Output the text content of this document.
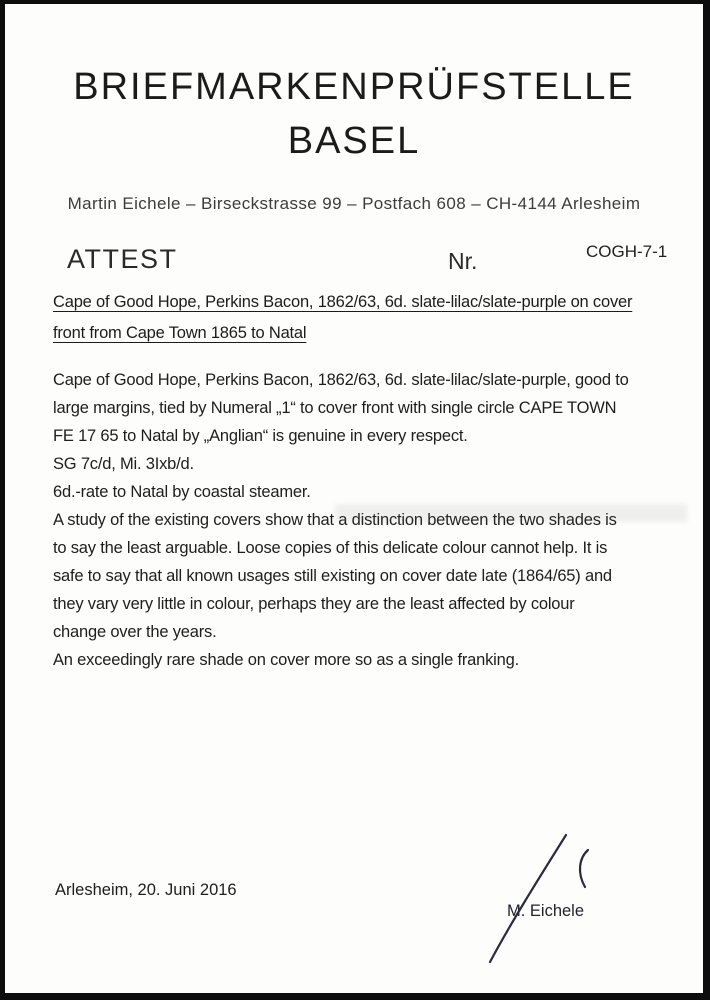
BRIEFMARKENPRÜFSTELLE
BASEL
Martin Eichele – Birseckstrasse 99 – Postfach 608 – CH-4144 Arlesheim
ATTEST	Nr.	COGH-7-1
Cape of Good Hope, Perkins Bacon, 1862/63, 6d. slate-lilac/slate-purple on cover
front from Cape Town 1865 to Natal
Cape of Good Hope, Perkins Bacon, 1862/63, 6d. slate-lilac/slate-purple, good to
large margins, tied by Numeral „1“ to cover front with single circle CAPE TOWN
FE 17 65 to Natal by „Anglian“ is genuine in every respect.
SG 7c/d, Mi. 3Ixb/d.
6d.-rate to Natal by coastal steamer.
A study of the existing covers show that a distinction between the two shades is
to say the least arguable. Loose copies of this delicate colour cannot help. It is
safe to say that all known usages still existing on cover date late (1864/65) and
they vary very little in colour, perhaps they are the least affected by colour
change over the years.
An exceedingly rare shade on cover more so as a single franking.
Arlesheim, 20. Juni 2016
M. Eichele
